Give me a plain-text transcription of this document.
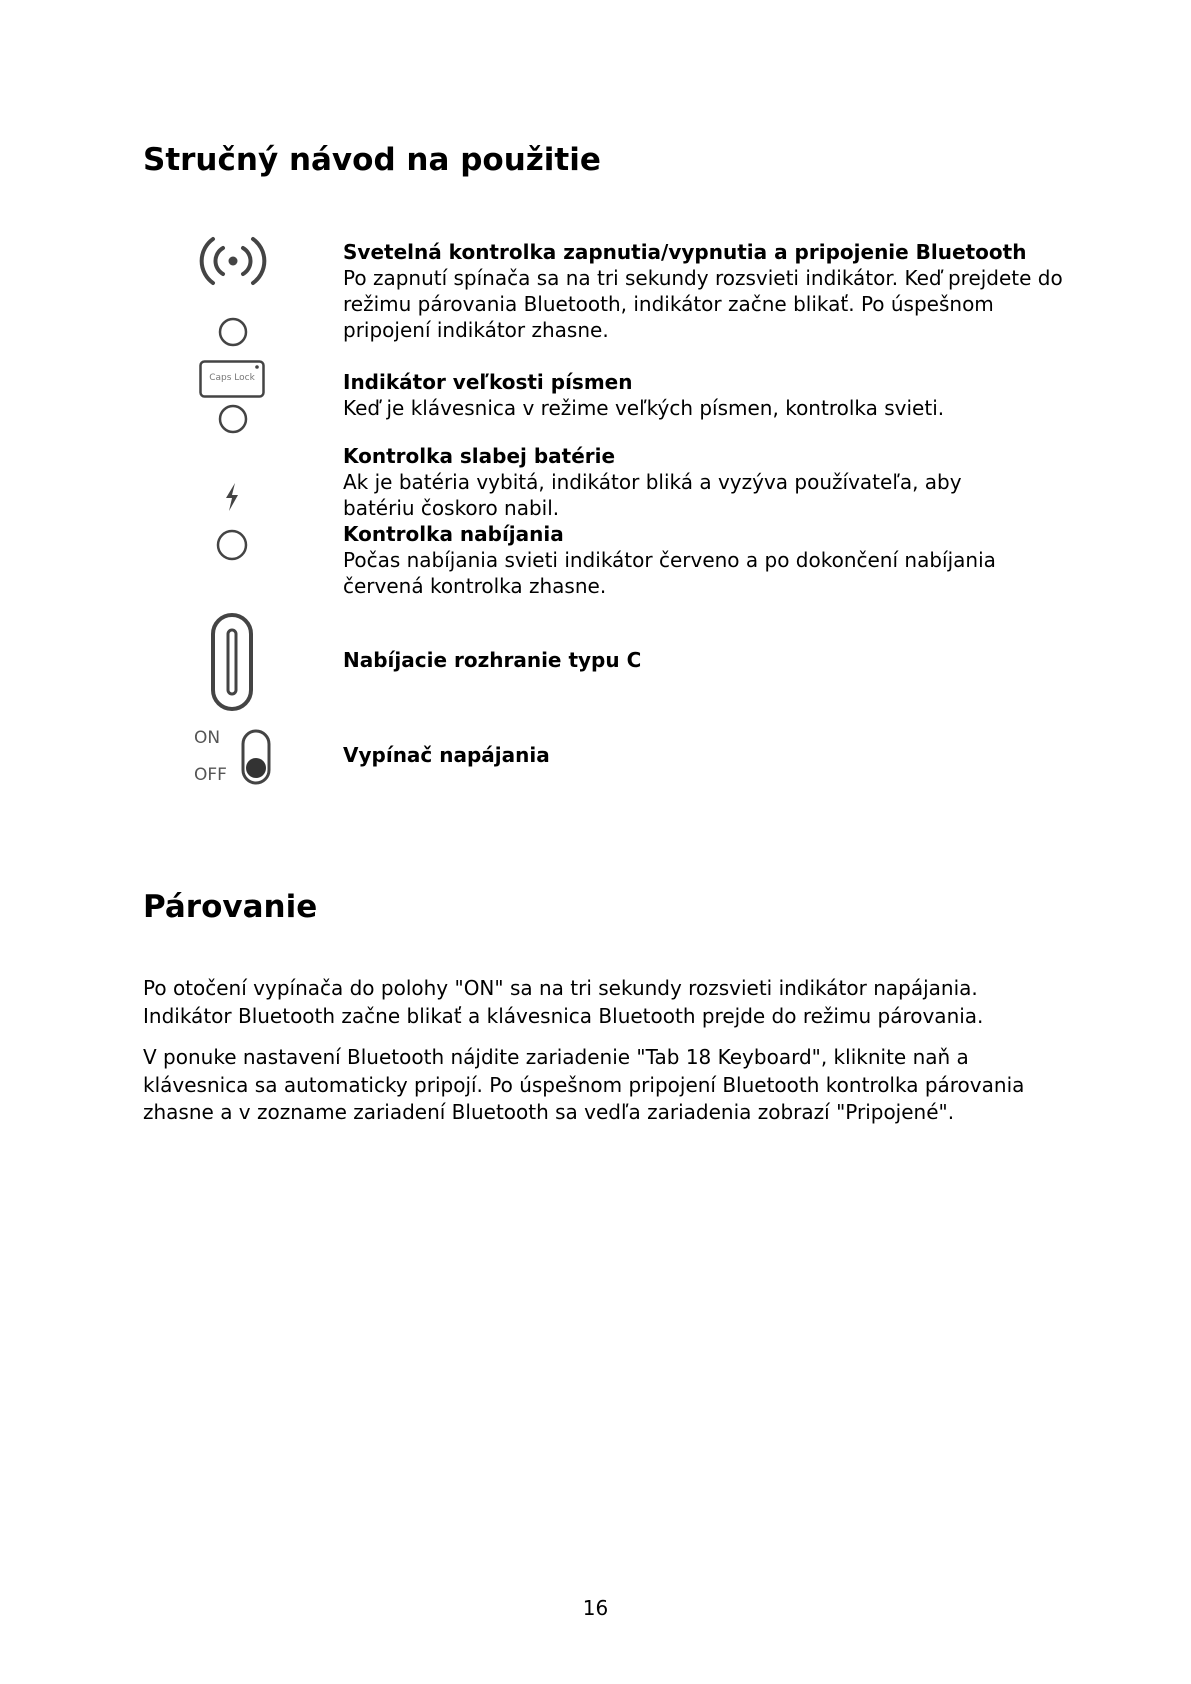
Stručný návod na použitie
Caps Lock
ON
OFF
Svetelná kontrolka zapnutia/vypnutia a pripojenie Bluetooth
Po zapnutí spínača sa na tri sekundy rozsvieti indikátor. Keď prejdete do režimu párovania Bluetooth, indikátor začne blikať. Po úspešnom pripojení indikátor zhasne.
Indikátor veľkosti písmen
Keď je klávesnica v režime veľkých písmen, kontrolka svieti.
Kontrolka slabej batérie
Ak je batéria vybitá, indikátor bliká a vyzýva používateľa, aby batériu čoskoro nabil.
Kontrolka nabíjania
Počas nabíjania svieti indikátor červeno a po dokončení nabíjania červená kontrolka zhasne.
Nabíjacie rozhranie typu C
Vypínač napájania
Párovanie
Po otočení vypínača do polohy "ON" sa na tri sekundy rozsvieti indikátor napájania. Indikátor Bluetooth začne blikať a klávesnica Bluetooth prejde do režimu párovania.
V ponuke nastavení Bluetooth nájdite zariadenie "Tab 18 Keyboard", kliknite naň a klávesnica sa automaticky pripojí. Po úspešnom pripojení Bluetooth kontrolka párovania zhasne a v zozname zariadení Bluetooth sa vedľa zariadenia zobrazí "Pripojené".
16
